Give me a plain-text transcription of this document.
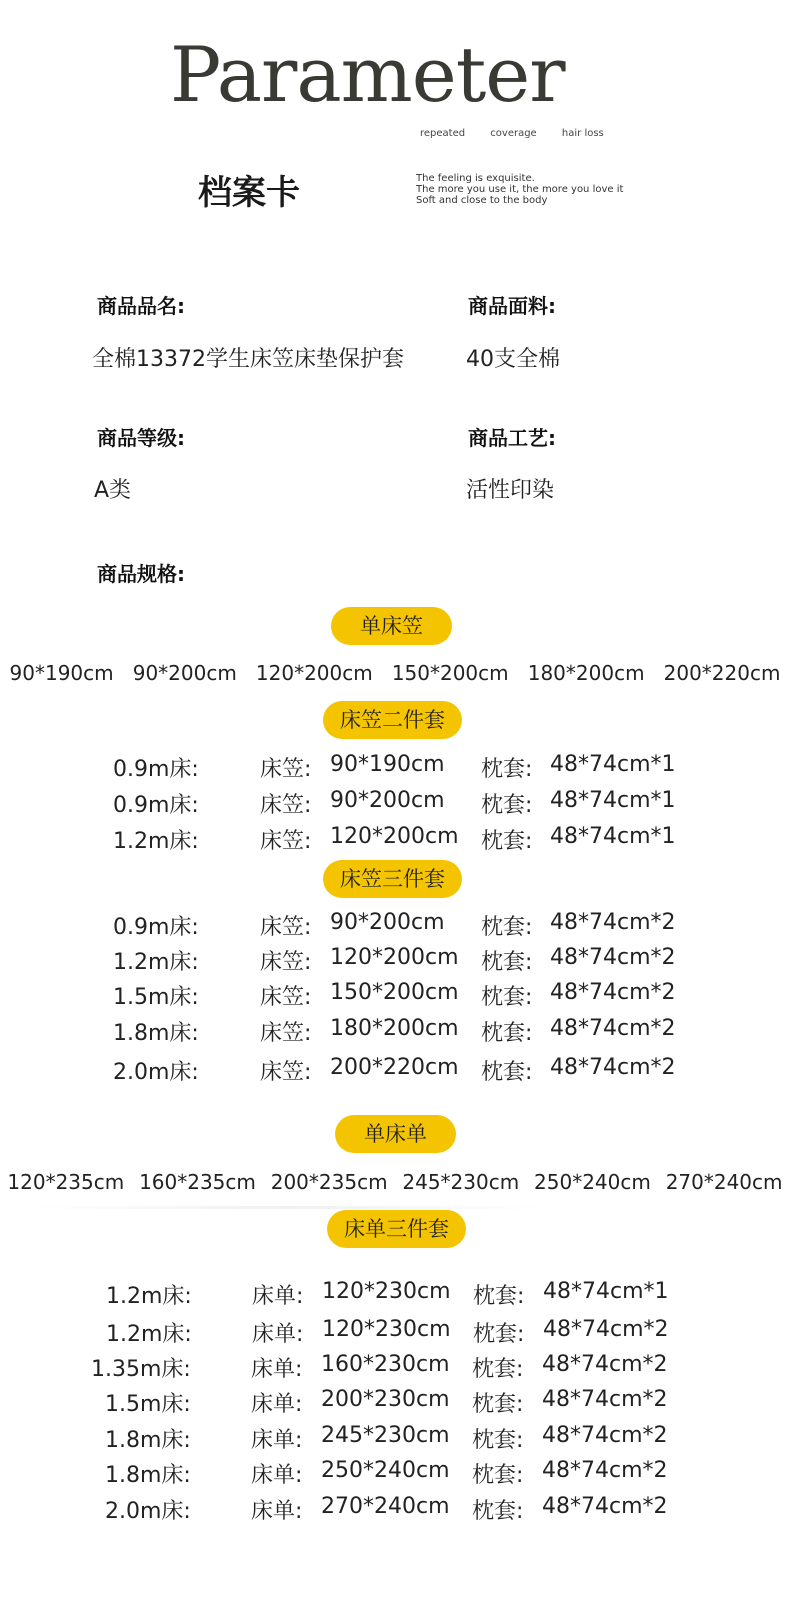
Parameter
repeated	coverage	hair loss
档案卡	The feeling is exquisite.
The more you use it, the more you love it
Soft and close to the body
商品品名:
全棉13372学生床笠床垫保护套
商品面料:
40支全棉
商品等级:
A类
商品工艺:
活性印染
商品规格:
单床笠
90*190cm 90*200cm 120*200cm 150*200cm 180*200cm 200*220cm
床笠二件套
0.9m床:	床笠: 90*190cm 枕套: 48*74cm*1
0.9m床:	床笠: 90*200cm 枕套: 48*74cm*1
1.2m床:	床笠: 120*200cm 枕套: 48*74cm*1
床笠三件套
0.9m床:	床笠: 90*200cm 枕套: 48*74cm*2
1.2m床:	床笠: 120*200cm 枕套: 48*74cm*2
1.5m床:	床笠: 150*200cm 枕套: 48*74cm*2
1.8m床:	床笠: 180*200cm 枕套: 48*74cm*2
2.0m床:	床笠: 200*220cm 枕套: 48*74cm*2
单床单
120*235cm 160*235cm 200*235cm 245*230cm 250*240cm 270*240cm
床单三件套
1.2m床:	床单: 120*230cm 枕套: 48*74cm*1
1.2m床:	床单: 120*230cm 枕套: 48*74cm*2
1.35m床:	床单: 160*230cm 枕套: 48*74cm*2
1.5m床:	床单: 200*230cm 枕套: 48*74cm*2
1.8m床:	床单: 245*230cm 枕套: 48*74cm*2
1.8m床:	床单: 250*240cm 枕套: 48*74cm*2
2.0m床:	床单: 270*240cm 枕套: 48*74cm*2
